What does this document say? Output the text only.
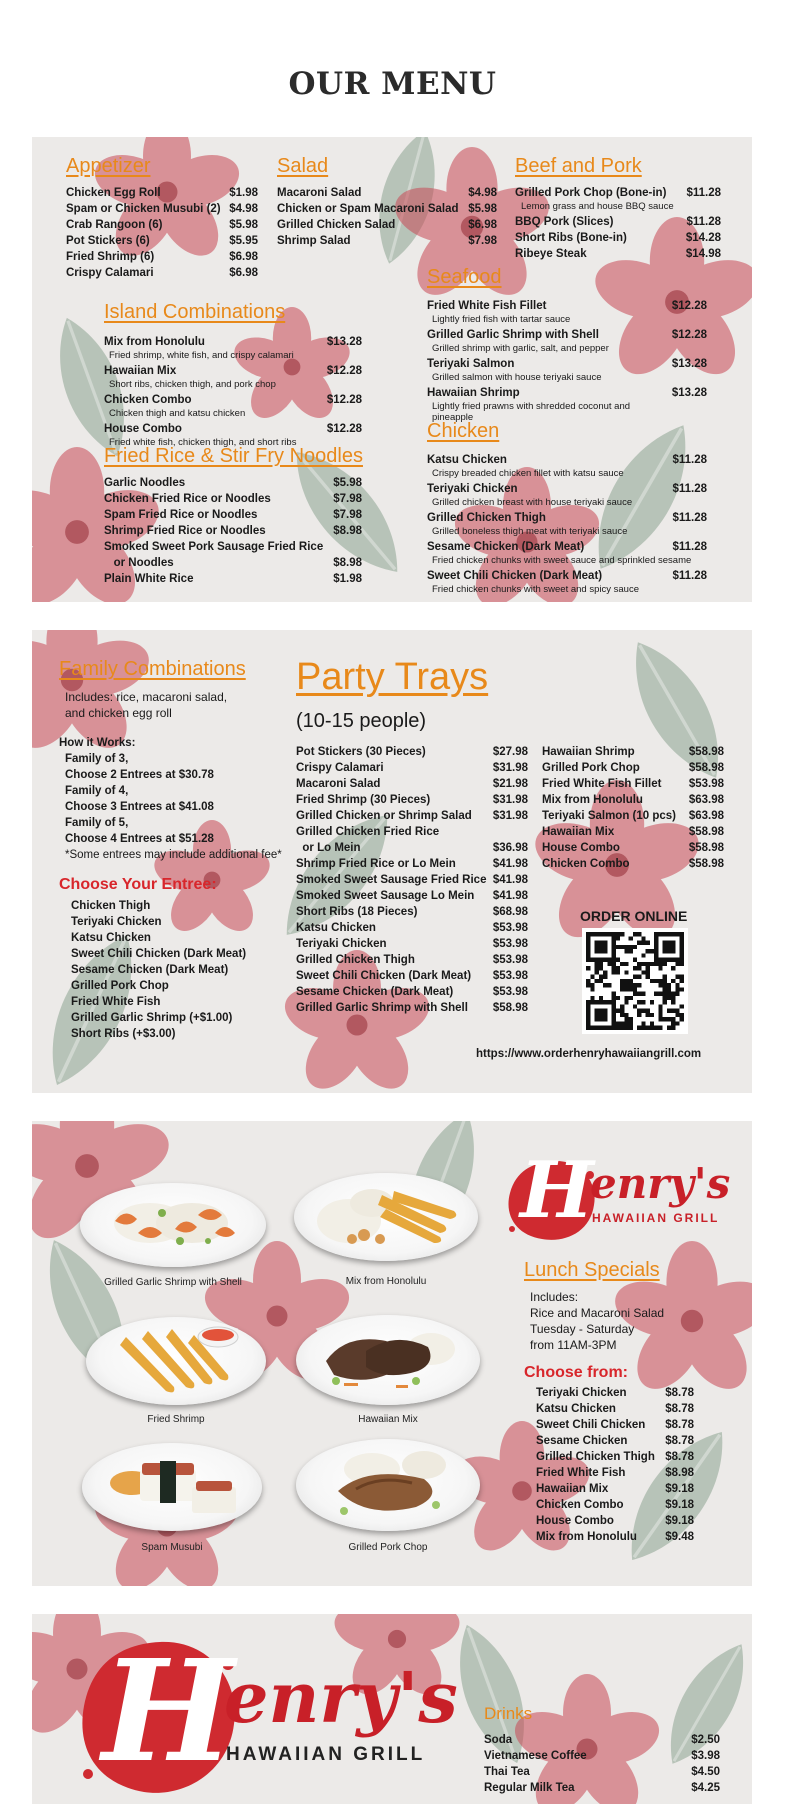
OUR MENU
Appetizer
Chicken Egg Roll	$1.98
Spam or Chicken Musubi (2) $4.98
Crab Rangoon (6)	$5.98
Pot Stickers (6)	$5.95
Fried Shrimp (6)	$6.98
Crispy Calamari	$6.98
Salad
Macaroni Salad	$4.98
Chicken or Spam Macaroni Salad $5.98
Grilled Chicken Salad	$6.98
Shrimp Salad	$7.98
Beef and Pork
Grilled Pork Chop (Bone-in) $11.28
Lemon grass and house BBQ sauce
BBQ Pork (Slices)	$11.28
Short Ribs (Bone-in)	$14.28
Ribeye Steak	$14.98
Seafood
Fried White Fish Fillet	$12.28
Lightly fried fish with tartar sauce
Grilled Garlic Shrimp with Shell	$12.28
Grilled shrimp with garlic, salt, and pepper
Teriyaki Salmon	$13.28
Grilled salmon with house teriyaki sauce
Hawaiian Shrimp	$13.28
Lightly fried prawns with shredded coconut and pineapple
Island Combinations
Mix from Honolulu	$13.28
Fried shrimp, white fish, and crispy calamari
Hawaiian Mix	$12.28
Short ribs, chicken thigh, and pork chop
Chicken Combo	$12.28
Chicken thigh and katsu chicken
House Combo	$12.28
Fried white fish, chicken thigh, and short ribs
Chicken
Katsu Chicken	$11.28
Crispy breaded chicken fillet with katsu sauce
Teriyaki Chicken	$11.28
Grilled chicken breast with house teriyaki sauce
Grilled Chicken Thigh	$11.28
Grilled boneless thigh meat with teriyaki sauce
Sesame Chicken (Dark Meat)	$11.28
Fried chicken chunks with sweet sauce and sprinkled sesame
Sweet Chili Chicken (Dark Meat)	$11.28
Fried chicken chunks with sweet and spicy sauce
Fried Rice & Stir Fry Noodles
Garlic Noodles	$5.98
Chicken Fried Rice or Noodles	$7.98
Spam Fried Rice or Noodles	$7.98
Shrimp Fried Rice or Noodles	$8.98
Smoked Sweet Pork Sausage Fried Rice
or Noodles	$8.98
Plain White Rice	$1.98
Family Combinations
Includes: rice, macaroni salad,
and chicken egg roll
How it Works:
Family of 3,
Choose 2 Entrees at $30.78
Family of 4,
Choose 3 Entrees at $41.08
Family of 5,
Choose 4 Entrees at $51.28
*Some entrees may include additional fee*
Choose Your Entree:
Chicken Thigh
Teriyaki Chicken
Katsu Chicken
Sweet Chili Chicken (Dark Meat)
Sesame Chicken (Dark Meat)
Grilled Pork Chop
Fried White Fish
Grilled Garlic Shrimp (+$1.00)
Short Ribs (+$3.00)
Party Trays
(10-15 people)
Pot Stickers (30 Pieces)	$27.98
Crispy Calamari	$31.98
Macaroni Salad	$21.98
Fried Shrimp (30 Pieces)	$31.98
Grilled Chicken or Shrimp Salad $31.98
Grilled Chicken Fried Rice
or Lo Mein	$36.98
Shrimp Fried Rice or Lo Mein	$41.98
Smoked Sweet Sausage Fried Rice $41.98
Smoked Sweet Sausage Lo Mein $41.98
Short Ribs (18 Pieces)	$68.98
Katsu Chicken	$53.98
Teriyaki Chicken	$53.98
Grilled Chicken Thigh	$53.98
Sweet Chili Chicken (Dark Meat) $53.98
Sesame Chicken (Dark Meat)	$53.98
Grilled Garlic Shrimp with Shell $58.98
Hawaiian Shrimp	$58.98
Grilled Pork Chop	$58.98
Fried White Fish Fillet $53.98
Mix from Honolulu	$63.98
Teriyaki Salmon (10 pcs) $63.98
Hawaiian Mix	$58.98
House Combo	$58.98
Chicken Combo	$58.98
ORDER ONLINE
https://www.orderhenryhawaiiangrill.com
Grilled Garlic Shrimp with Shell	Mix from Honolulu
Fried Shrimp	Hawaiian Mix
Spam Musubi	Grilled Pork Chop
H
enry's
HAWAIIAN GRILL
Lunch Specials
Includes:
Rice and Macaroni Salad
Tuesday - Saturday
from 11AM-3PM
Choose from:
Teriyaki Chicken	$8.78
Katsu Chicken	$8.78
Sweet Chili Chicken $8.78
Sesame Chicken	$8.78
Grilled Chicken Thigh $8.78
Fried White Fish	$8.98
Hawaiian Mix	$9.18
Chicken Combo	$9.18
House Combo	$9.18
Mix from Honolulu $9.48
H
enry's
HAWAIIAN GRILL
Drinks
Soda	$2.50
Vietnamese Coffee	$3.98
Thai Tea	$4.50
Regular Milk Tea	$4.25
